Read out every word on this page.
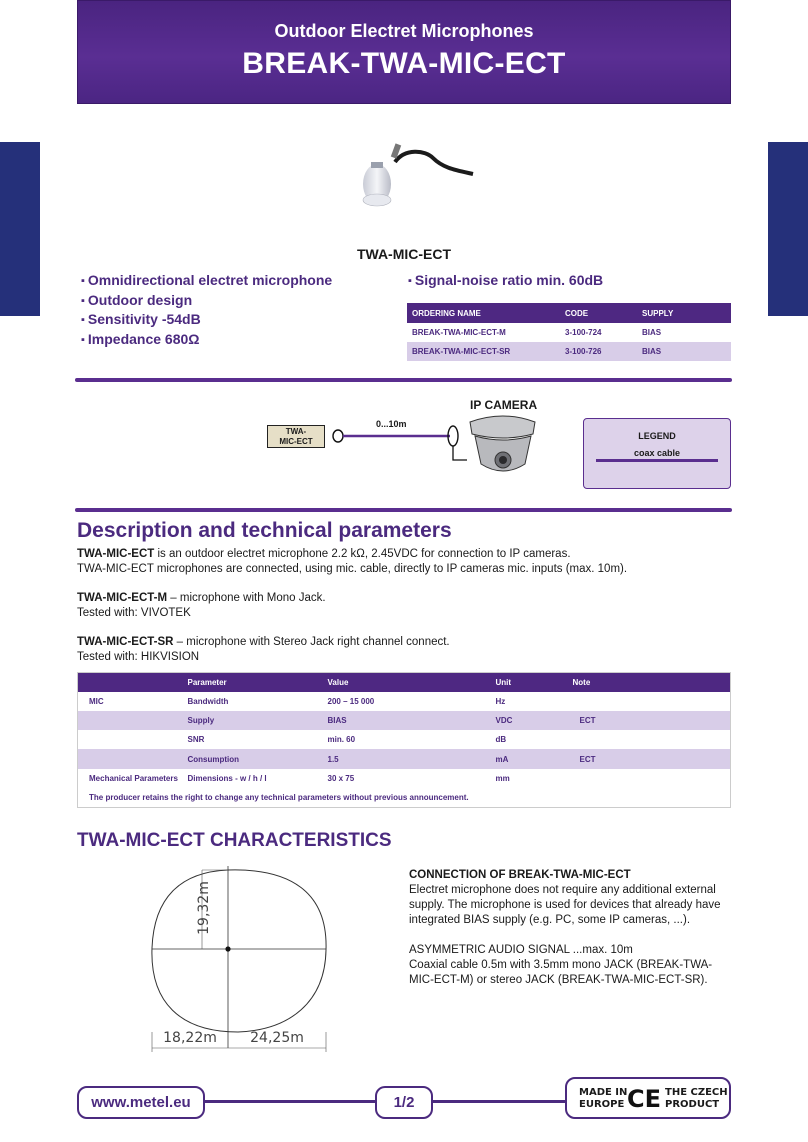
Outdoor Electret Microphones
BREAK-TWA-MIC-ECT
TWA-MIC-ECT
▪ Omnidirectional electret microphone
▪ Outdoor design
▪ Sensitivity -54dB
▪ Impedance 680Ω
▪ Signal-noise ratio min. 60dB
ORDERING NAME	CODE	SUPPLY
BREAK-TWA-MIC-ECT-M	3-100-724	BIAS
BREAK-TWA-MIC-ECT-SR	3-100-726	BIAS
IP CAMERA
TWA-
MIC-ECT
0...10m
LEGEND
coax cable
Description and technical parameters
TWA-MIC-ECT is an outdoor electret microphone 2.2 kΩ, 2.45VDC for connection to IP cameras.
TWA-MIC-ECT microphones are connected, using mic. cable, directly to IP cameras mic. inputs (max. 10m).
TWA-MIC-ECT-M – microphone with Mono Jack.
Tested with: VIVOTEK
TWA-MIC-ECT-SR – microphone with Stereo Jack right channel connect.
Tested with: HIKVISION
	Parameter	Value	Unit	Note
MIC	Bandwidth	200 – 15 000	Hz	
	Supply	BIAS	VDC	ECT
	SNR	min. 60	dB	
	Consumption	1.5	mA	ECT
Mechanical Parameters	Dimensions - w / h / l	30 x 75	mm	
The producer retains the right to change any technical parameters without previous announcement.				
TWA-MIC-ECT CHARACTERISTICS
19,32m
18,22m 24,25m
CONNECTION OF BREAK-TWA-MIC-ECT
Electret microphone does not require any additional external supply. The microphone is used for devices that already have integrated BIAS supply (e.g. PC, some IP cameras, ...).
ASYMMETRIC AUDIO SIGNAL ...max. 10m
Coaxial cable 0.5m with 3.5mm mono JACK (BREAK-TWA-MIC-ECT-M) or stereo JACK (BREAK-TWA-MIC-ECT-SR).
www.metel.eu	1/2
MADE IN
EUROPE CE THE CZECH
PRODUCT
